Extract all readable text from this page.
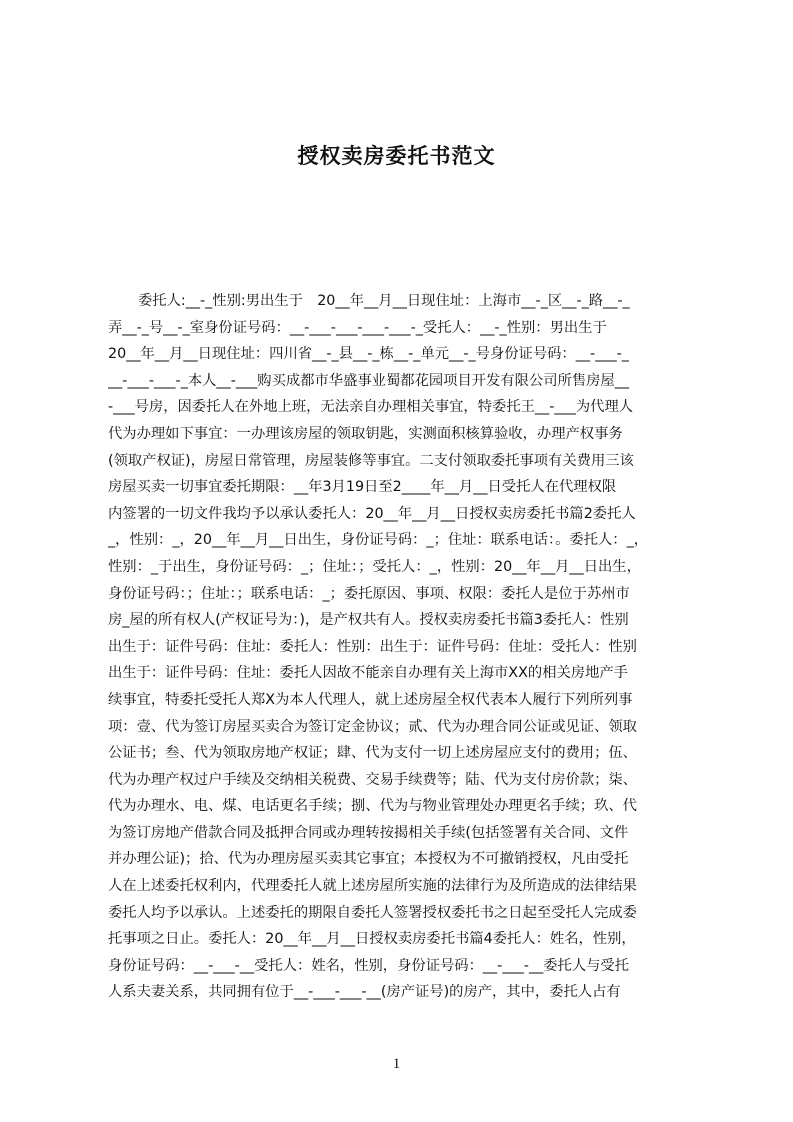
授权卖房委托书范文
委托人:__-_性别:男出生于　20__年__月__日现住址：上海市__-_区__-_路__-_
弄__-_号__-_室身份证号码：__-___-___-___-___-_受托人：__-_性别：男出生于
20__年__月__日现住址：四川省__-_县__-_栋__-_单元__-_号身份证号码：__-___-_
__-___-___-_本人__-___购买成都市华盛事业蜀都花园项目开发有限公司所售房屋__
-___号房，因委托人在外地上班，无法亲自办理相关事宜，特委托王__-___为代理人
代为办理如下事宜：一办理该房屋的领取钥匙，实测面积核算验收，办理产权事务
(领取产权证)，房屋日常管理，房屋装修等事宜。二支付领取委托事项有关费用三该
房屋买卖一切事宜委托期限：__年3月19日至2____年__月__日受托人在代理权限
内签署的一切文件我均予以承认委托人：20__年__月__日授权卖房委托书篇2委托人
_，性别：_，20__年__月__日出生，身份证号码：_；住址：联系电话：。委托人：_，
性别：_于出生，身份证号码：_；住址：；受托人：_，性别：20__年__月__日出生，
身份证号码：；住址：；联系电话：_；委托原因、事项、权限：委托人是位于苏州市
房_屋的所有权人(产权证号为：)，是产权共有人。授权卖房委托书篇3委托人：性别
出生于：证件号码：住址：委托人：性别：出生于：证件号码：住址：受托人：性别
出生于：证件号码：住址：委托人因故不能亲自办理有关上海市XX的相关房地产手
续事宜，特委托受托人郑X为本人代理人，就上述房屋全权代表本人履行下列所列事
项：壹、代为签订房屋买卖合为签订定金协议；贰、代为办理合同公证或见证、领取
公证书；叁、代为领取房地产权证；肆、代为支付一切上述房屋应支付的费用；伍、
代为办理产权过户手续及交纳相关税费、交易手续费等；陆、代为支付房价款；柒、
代为办理水、电、煤、电话更名手续；捌、代为与物业管理处办理更名手续；玖、代
为签订房地产借款合同及抵押合同或办理转按揭相关手续(包括签署有关合同、文件
并办理公证)；拾、代为办理房屋买卖其它事宜；本授权为不可撤销授权，凡由受托
人在上述委托权利内，代理委托人就上述房屋所实施的法律行为及所造成的法律结果
委托人均予以承认。上述委托的期限自委托人签署授权委托书之日起至受托人完成委
托事项之日止。委托人：20__年__月__日授权卖房委托书篇4委托人：姓名，性别，
身份证号码：__-___-__受托人：姓名，性别，身份证号码：__-___-__委托人与受托
人系夫妻关系，共同拥有位于__-___-___-__(房产证号)的房产，其中，委托人占有
1
